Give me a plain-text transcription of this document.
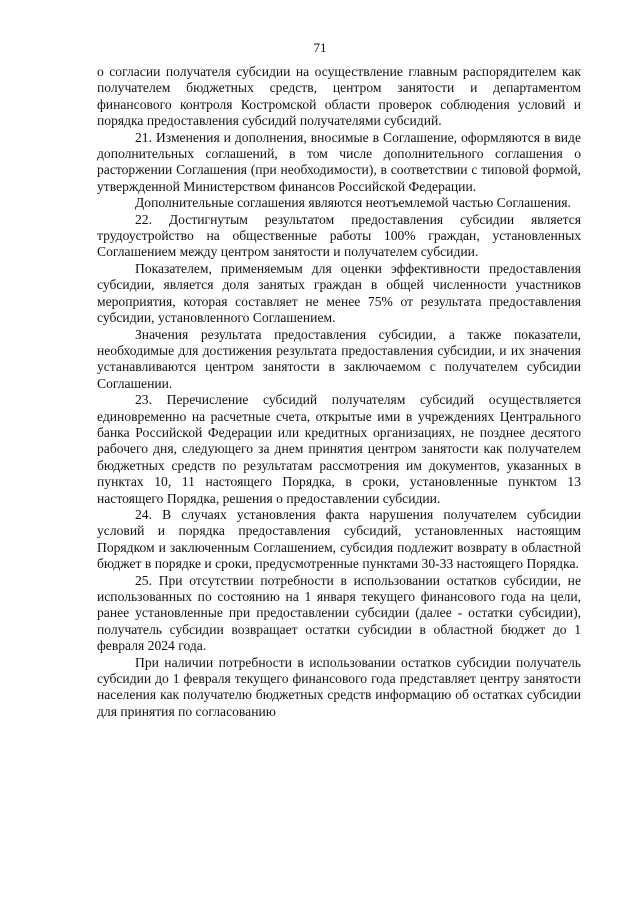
71

о согласии получателя субсидии на осуществление главным распорядителем как получателем бюджетных средств, центром занятости и департаментом финансового контроля Костромской области проверок соблюдения условий и порядка предоставления субсидий получателями субсидий.

21. Изменения и дополнения, вносимые в Соглашение, оформляются в виде дополнительных соглашений, в том числе дополнительного соглашения о расторжении Соглашения (при необходимости), в соответствии с типовой формой, утвержденной Министерством финансов Российской Федерации.

Дополнительные соглашения являются неотъемлемой частью Соглашения.

22. Достигнутым результатом предоставления субсидии является трудоустройство на общественные работы 100% граждан, установленных Соглашением между центром занятости и получателем субсидии.

Показателем, применяемым для оценки эффективности предоставления субсидии, является доля занятых граждан в общей численности участников мероприятия, которая составляет не менее 75% от результата предоставления субсидии, установленного Соглашением.

Значения результата предоставления субсидии, а также показатели, необходимые для достижения результата предоставления субсидии, и их значения устанавливаются центром занятости в заключаемом с получателем субсидии Соглашении.

23. Перечисление субсидий получателям субсидий осуществляется единовременно на расчетные счета, открытые ими в учреждениях Центрального банка Российской Федерации или кредитных организациях, не позднее десятого рабочего дня, следующего за днем принятия центром занятости как получателем бюджетных средств по результатам рассмотрения им документов, указанных в пунктах 10, 11 настоящего Порядка, в сроки, установленные пунктом 13 настоящего Порядка, решения о предоставлении субсидии.

24. В случаях установления факта нарушения получателем субсидии условий и порядка предоставления субсидий, установленных настоящим Порядком и заключенным Соглашением, субсидия подлежит возврату в областной бюджет в порядке и сроки, предусмотренные пунктами 30-33 настоящего Порядка.

25. При отсутствии потребности в использовании остатков субсидии, не использованных по состоянию на 1 января текущего финансового года на цели, ранее установленные при предоставлении субсидии (далее - остатки субсидии), получатель субсидии возвращает остатки субсидии в областной бюджет до 1 февраля 2024 года.

При наличии потребности в использовании остатков субсидии получатель субсидии до 1 февраля текущего финансового года представляет центру занятости населения как получателю бюджетных средств информацию об остатках субсидии для принятия по согласованию
